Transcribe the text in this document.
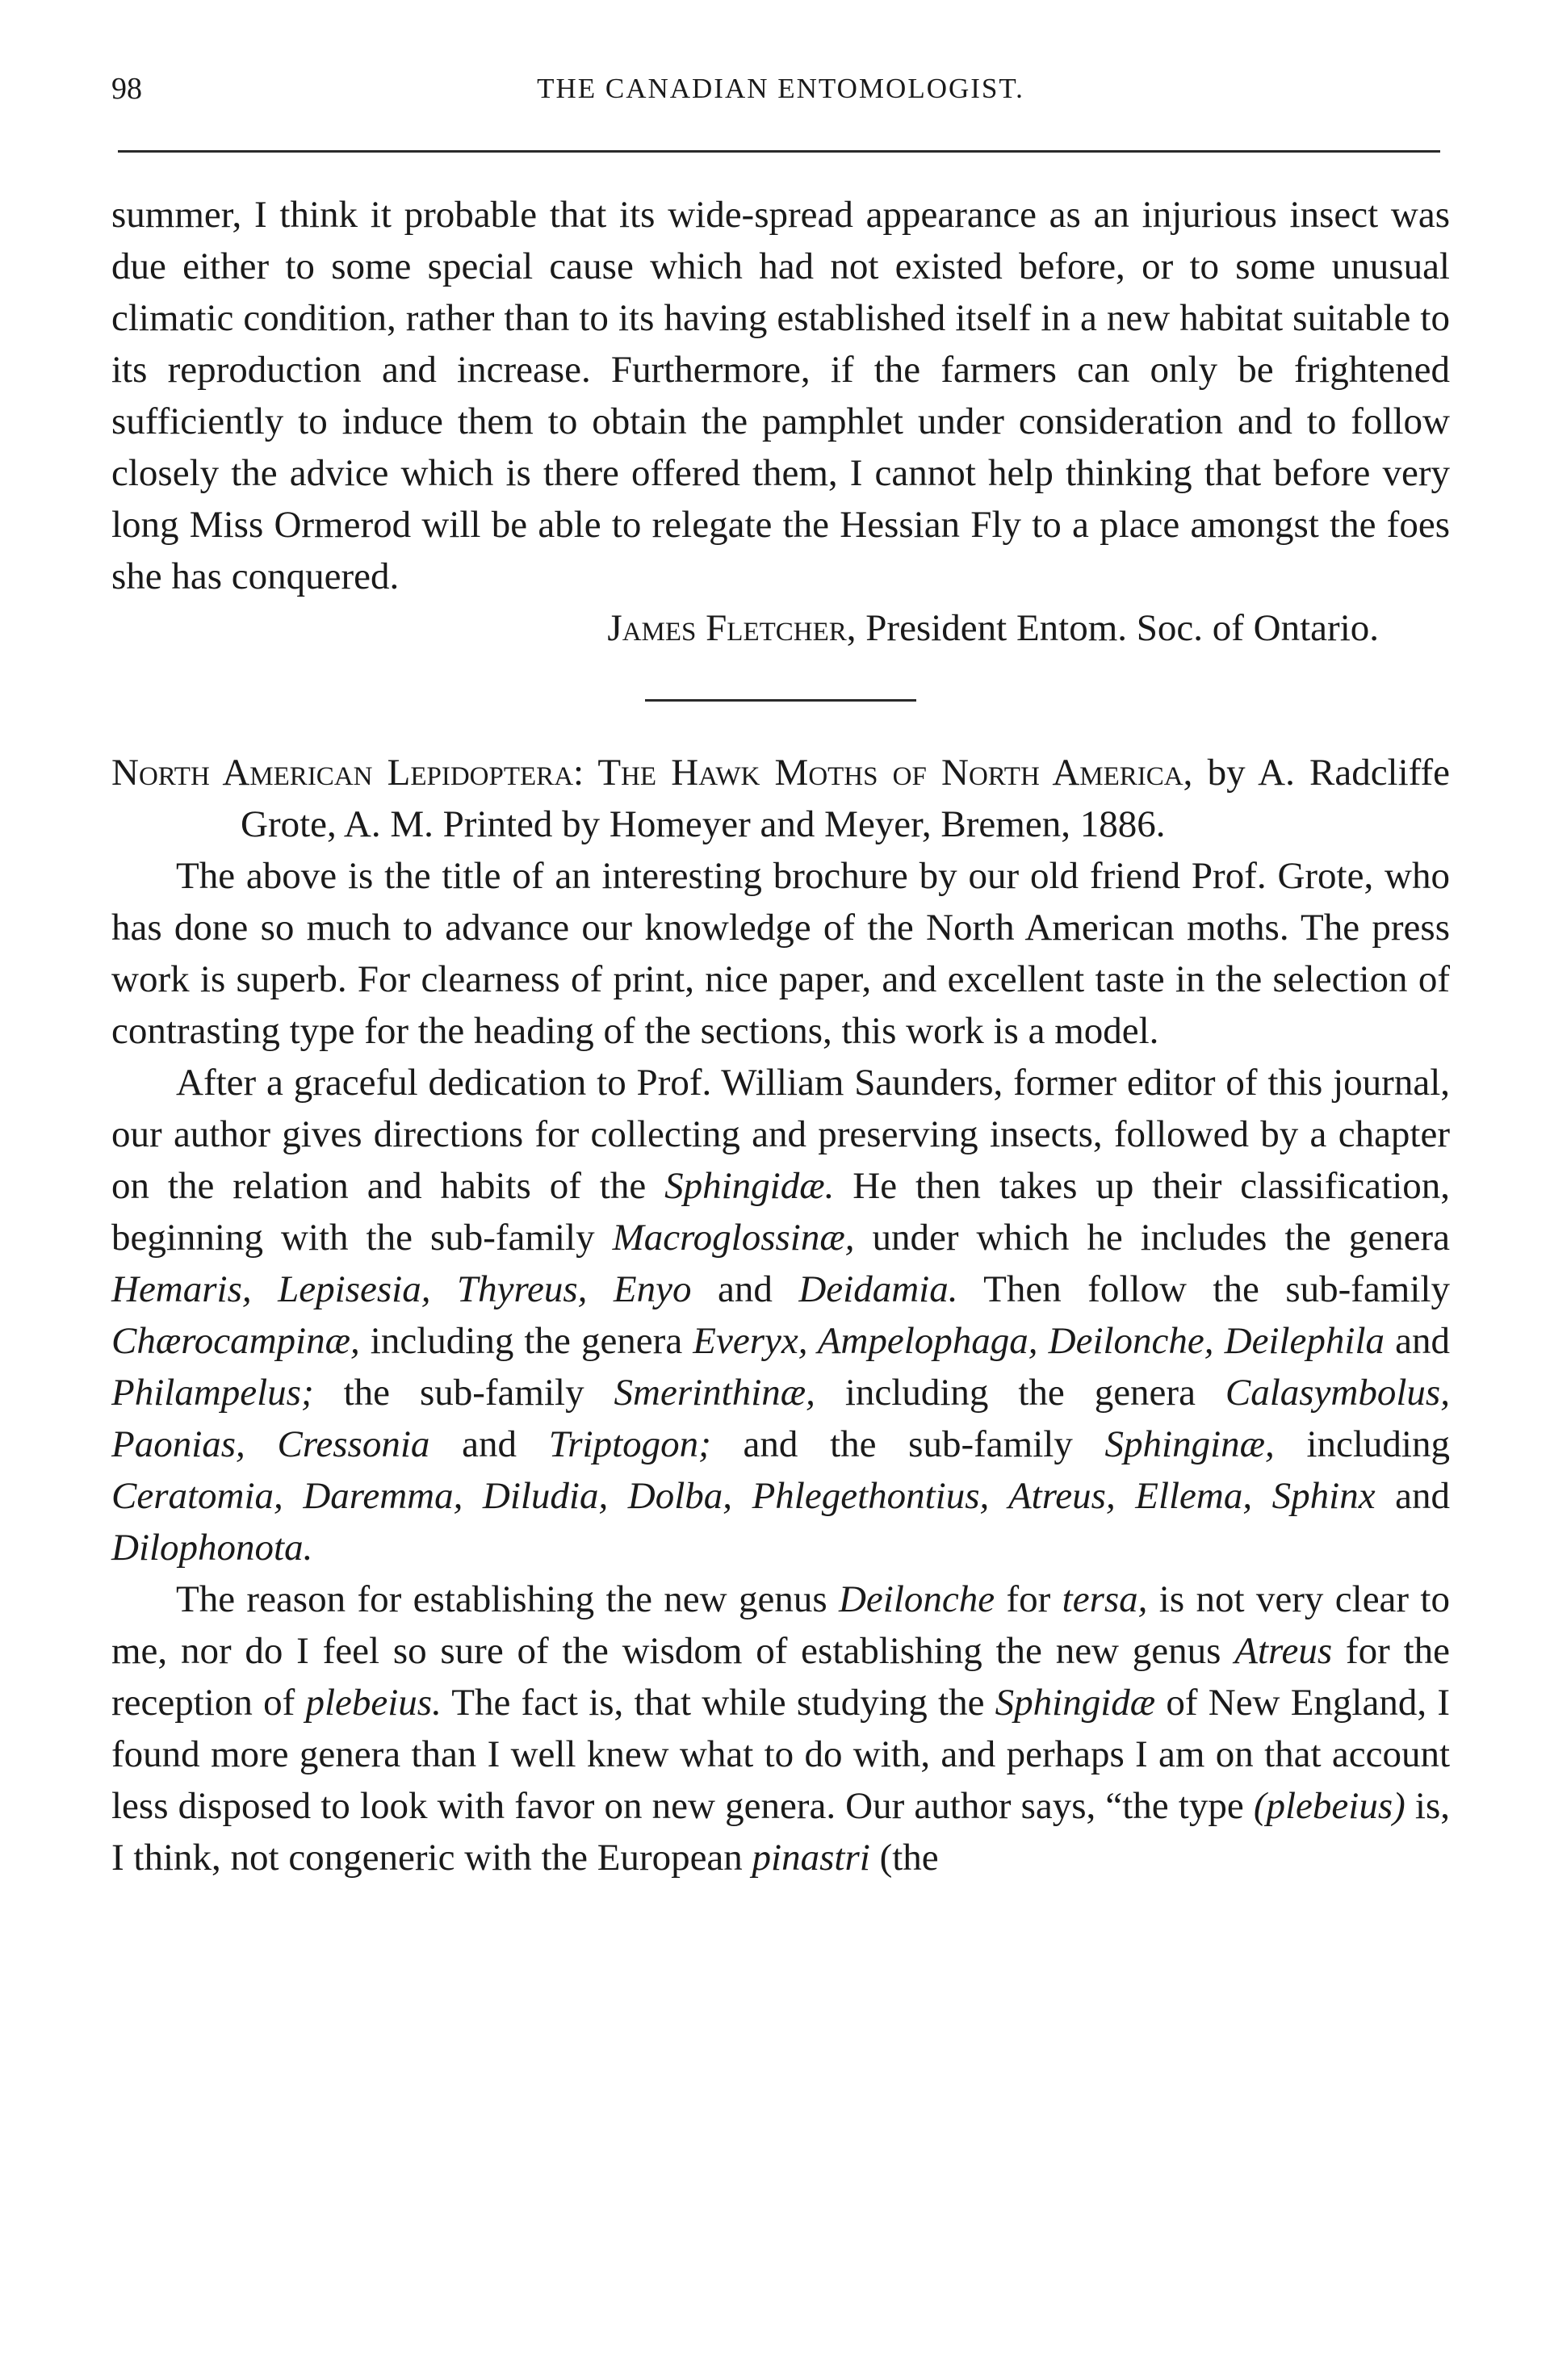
98	THE CANADIAN ENTOMOLOGIST.

summer, I think it probable that its wide-spread appearance as an injurious insect was due either to some special cause which had not existed before, or to some unusual climatic condition, rather than to its having established itself in a new habitat suitable to its reproduction and increase. Furthermore, if the farmers can only be frightened sufficiently to induce them to obtain the pamphlet under consideration and to follow closely the advice which is there offered them, I cannot help thinking that before very long Miss Ormerod will be able to relegate the Hessian Fly to a place amongst the foes she has conquered.

James Fletcher, President Entom. Soc. of Ontario.

North American Lepidoptera: The Hawk Moths of North America, by A. Radcliffe Grote, A. M. Printed by Homeyer and Meyer, Bremen, 1886.

The above is the title of an interesting brochure by our old friend Prof. Grote, who has done so much to advance our knowledge of the North American moths. The press work is superb. For clearness of print, nice paper, and excellent taste in the selection of contrasting type for the heading of the sections, this work is a model.

After a graceful dedication to Prof. William Saunders, former editor of this journal, our author gives directions for collecting and preserving insects, followed by a chapter on the relation and habits of the Sphingidæ. He then takes up their classification, beginning with the sub-family Macroglossinæ, under which he includes the genera Hemaris, Lepisesia, Thyreus, Enyo and Deidamia. Then follow the sub-family Chærocampinæ, including the genera Everyx, Ampelophaga, Deilonche, Deilephila and Philampelus; the sub-family Smerinthinæ, including the genera Calasymbolus, Paonias, Cressonia and Triptogon; and the sub-family Sphinginæ, including Ceratomia, Daremma, Diludia, Dolba, Phlegethontius, Atreus, Ellema, Sphinx and Dilophonota.

The reason for establishing the new genus Deilonche for tersa, is not very clear to me, nor do I feel so sure of the wisdom of establishing the new genus Atreus for the reception of plebeius. The fact is, that while studying the Sphingidæ of New England, I found more genera than I well knew what to do with, and perhaps I am on that account less disposed to look with favor on new genera. Our author says, “the type (plebeius) is, I think, not congeneric with the European pinastri (the
